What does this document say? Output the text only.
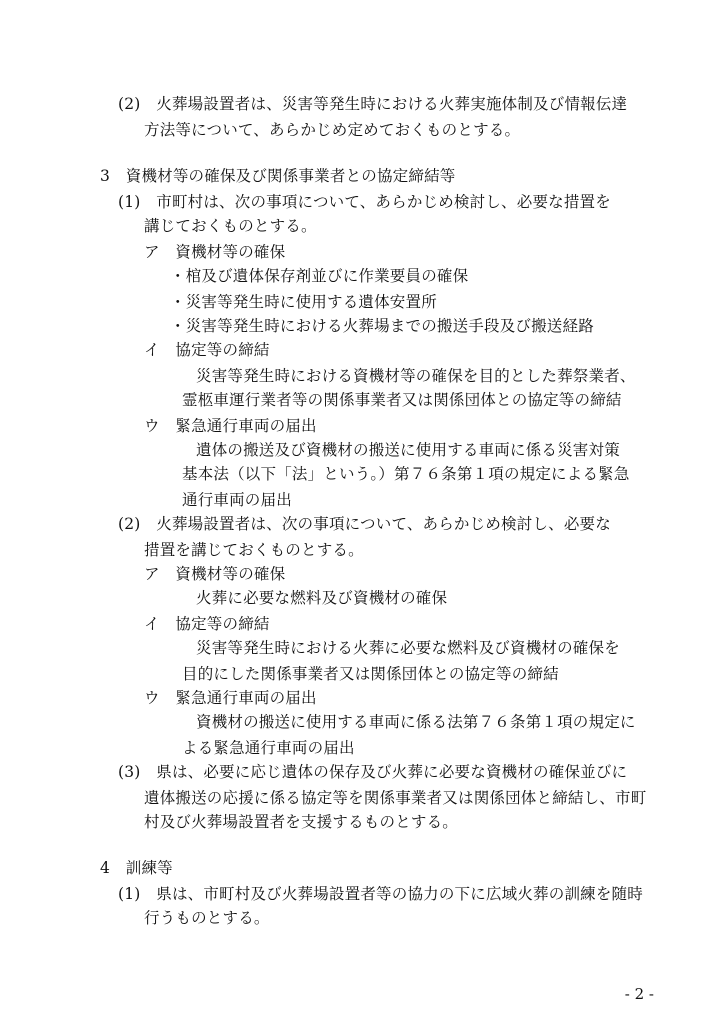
(2)　火葬場設置者は、災害等発生時における火葬実施体制及び情報伝達
方法等について、あらかじめ定めておくものとする。
3　資機材等の確保及び関係事業者との協定締結等
(1)　市町村は、次の事項について、あらかじめ検討し、必要な措置を
講じておくものとする。
ア　資機材等の確保
・棺及び遺体保存剤並びに作業要員の確保
・災害等発生時に使用する遺体安置所
・災害等発生時における火葬場までの搬送手段及び搬送経路
イ　協定等の締結
災害等発生時における資機材等の確保を目的とした葬祭業者、
霊柩車運行業者等の関係事業者又は関係団体との協定等の締結
ウ　緊急通行車両の届出
遺体の搬送及び資機材の搬送に使用する車両に係る災害対策
基本法（以下「法」という。）第７６条第１項の規定による緊急
通行車両の届出
(2)　火葬場設置者は、次の事項について、あらかじめ検討し、必要な
措置を講じておくものとする。
ア　資機材等の確保
火葬に必要な燃料及び資機材の確保
イ　協定等の締結
災害等発生時における火葬に必要な燃料及び資機材の確保を
目的にした関係事業者又は関係団体との協定等の締結
ウ　緊急通行車両の届出
資機材の搬送に使用する車両に係る法第７６条第１項の規定に
よる緊急通行車両の届出
(3)　県は、必要に応じ遺体の保存及び火葬に必要な資機材の確保並びに
遺体搬送の応援に係る協定等を関係事業者又は関係団体と締結し、市町
村及び火葬場設置者を支援するものとする。
4　訓練等
(1)　県は、市町村及び火葬場設置者等の協力の下に広域火葬の訓練を随時
行うものとする。
- 2 -
